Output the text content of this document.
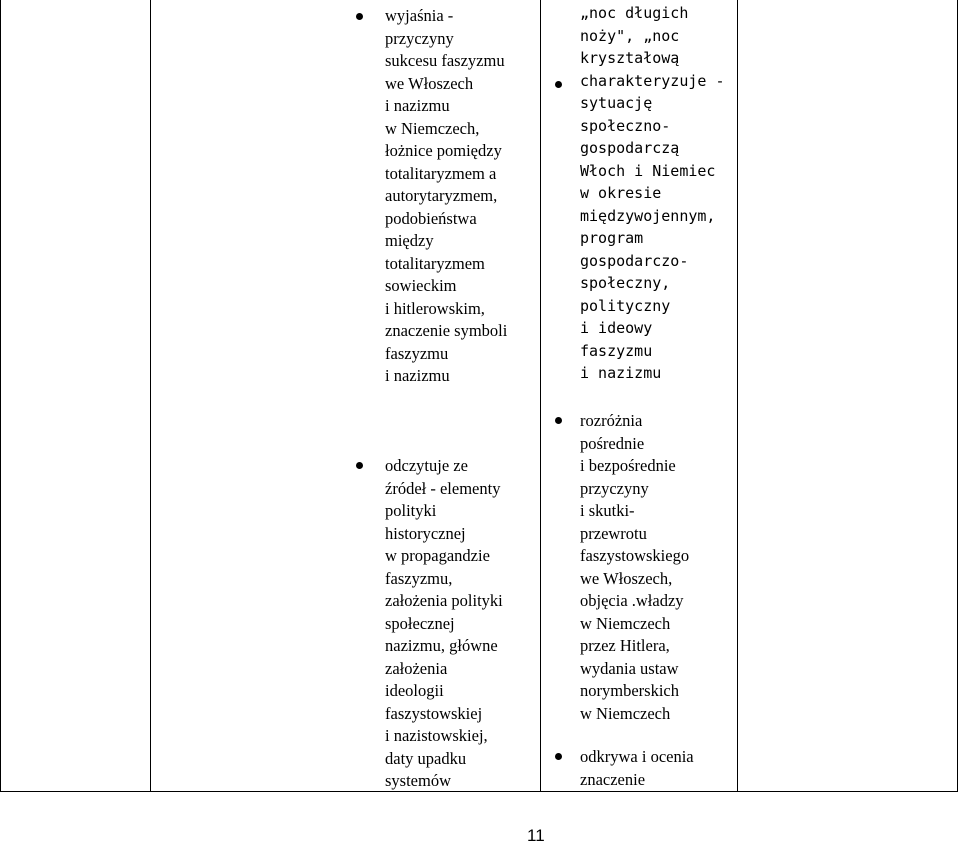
wyjaśnia -
przyczyny
sukcesu faszyzmu
we Włoszech
i nazizmu
w Niemczech,
łożnice pomiędzy
totalitaryzmem a
autorytaryzmem,
podobieństwa
między
totalitaryzmem
sowieckim
i hitlerowskim,
znaczenie symboli
faszyzmu
i nazizmu
„noc długich
noży", „noc
kryształową
charakteryzuje -
sytuację
społeczno-
gospodarczą
Włoch i Niemiec
w okresie
międzywojennym,
program
gospodarczo-
społeczny,
polityczny
i ideowy
faszyzmu
i nazizmu
odczytuje ze
źródeł - elementy
polityki
historycznej
w propagandzie
faszyzmu,
założenia polityki
społecznej
nazizmu, główne
założenia
ideologii
faszystowskiej
i nazistowskiej,
daty upadku
systemów
rozróżnia
pośrednie
i bezpośrednie
przyczyny
i skutki-
przewrotu
faszystowskiego
we Włoszech,
objęcia .władzy
w Niemczech
przez Hitlera,
wydania ustaw
norymberskich
w Niemczech
odkrywa i ocenia
znaczenie
11
